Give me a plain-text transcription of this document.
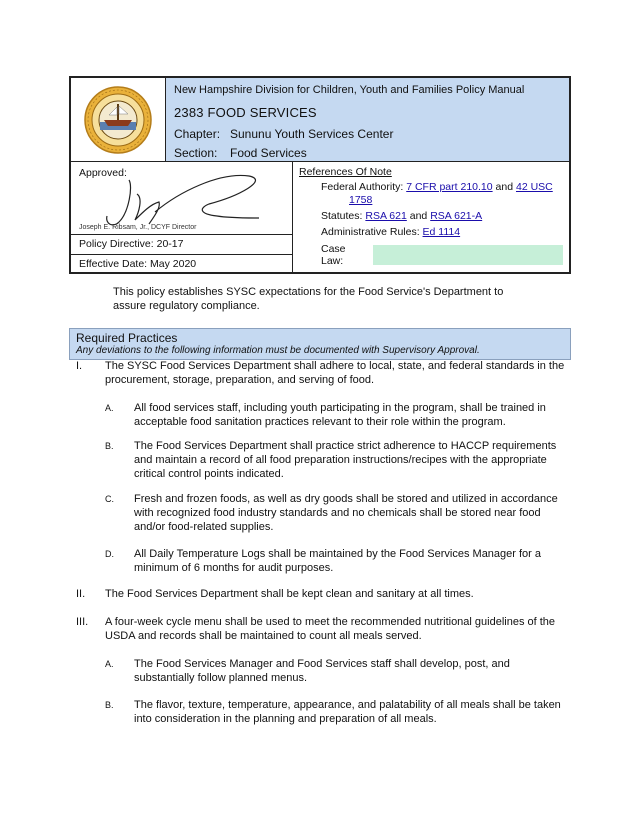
New Hampshire Division for Children, Youth and Families Policy Manual
2383 FOOD SERVICES
Chapter: Sununu Youth Services Center
Section:	Food Services
Approved:
Joseph E. Ribsam, Jr., DCYF Director
Policy Directive: 20-17
Effective Date: May 2020
References Of Note
Federal Authority: 7 CFR part 210.10 and 42 USC
1758
Statutes: RSA 621 and RSA 621-A
Administrative Rules: Ed 1114
Case Law:
This policy establishes SYSC expectations for the Food Service's Department to assure regulatory compliance.
Required Practices
Any deviations to the following information must be documented with Supervisory Approval.
I. The SYSC Food Services Department shall adhere to local, state, and federal standards in the procurement, storage, preparation, and serving of food.
A. All food services staff, including youth participating in the program, shall be trained in acceptable food sanitation practices relevant to their role within the program.
B. The Food Services Department shall practice strict adherence to HACCP requirements and maintain a record of all food preparation instructions/recipes with the appropriate critical control points indicated.
C. Fresh and frozen foods, as well as dry goods shall be stored and utilized in accordance with recognized food industry standards and no chemicals shall be stored near food and/or food-related supplies.
D. All Daily Temperature Logs shall be maintained by the Food Services Manager for a minimum of 6 months for audit purposes.
II. The Food Services Department shall be kept clean and sanitary at all times.
III. A four-week cycle menu shall be used to meet the recommended nutritional guidelines of the USDA and records shall be maintained to count all meals served.
A. The Food Services Manager and Food Services staff shall develop, post, and substantially follow planned menus.
B. The flavor, texture, temperature, appearance, and palatability of all meals shall be taken into consideration in the planning and preparation of all meals.
